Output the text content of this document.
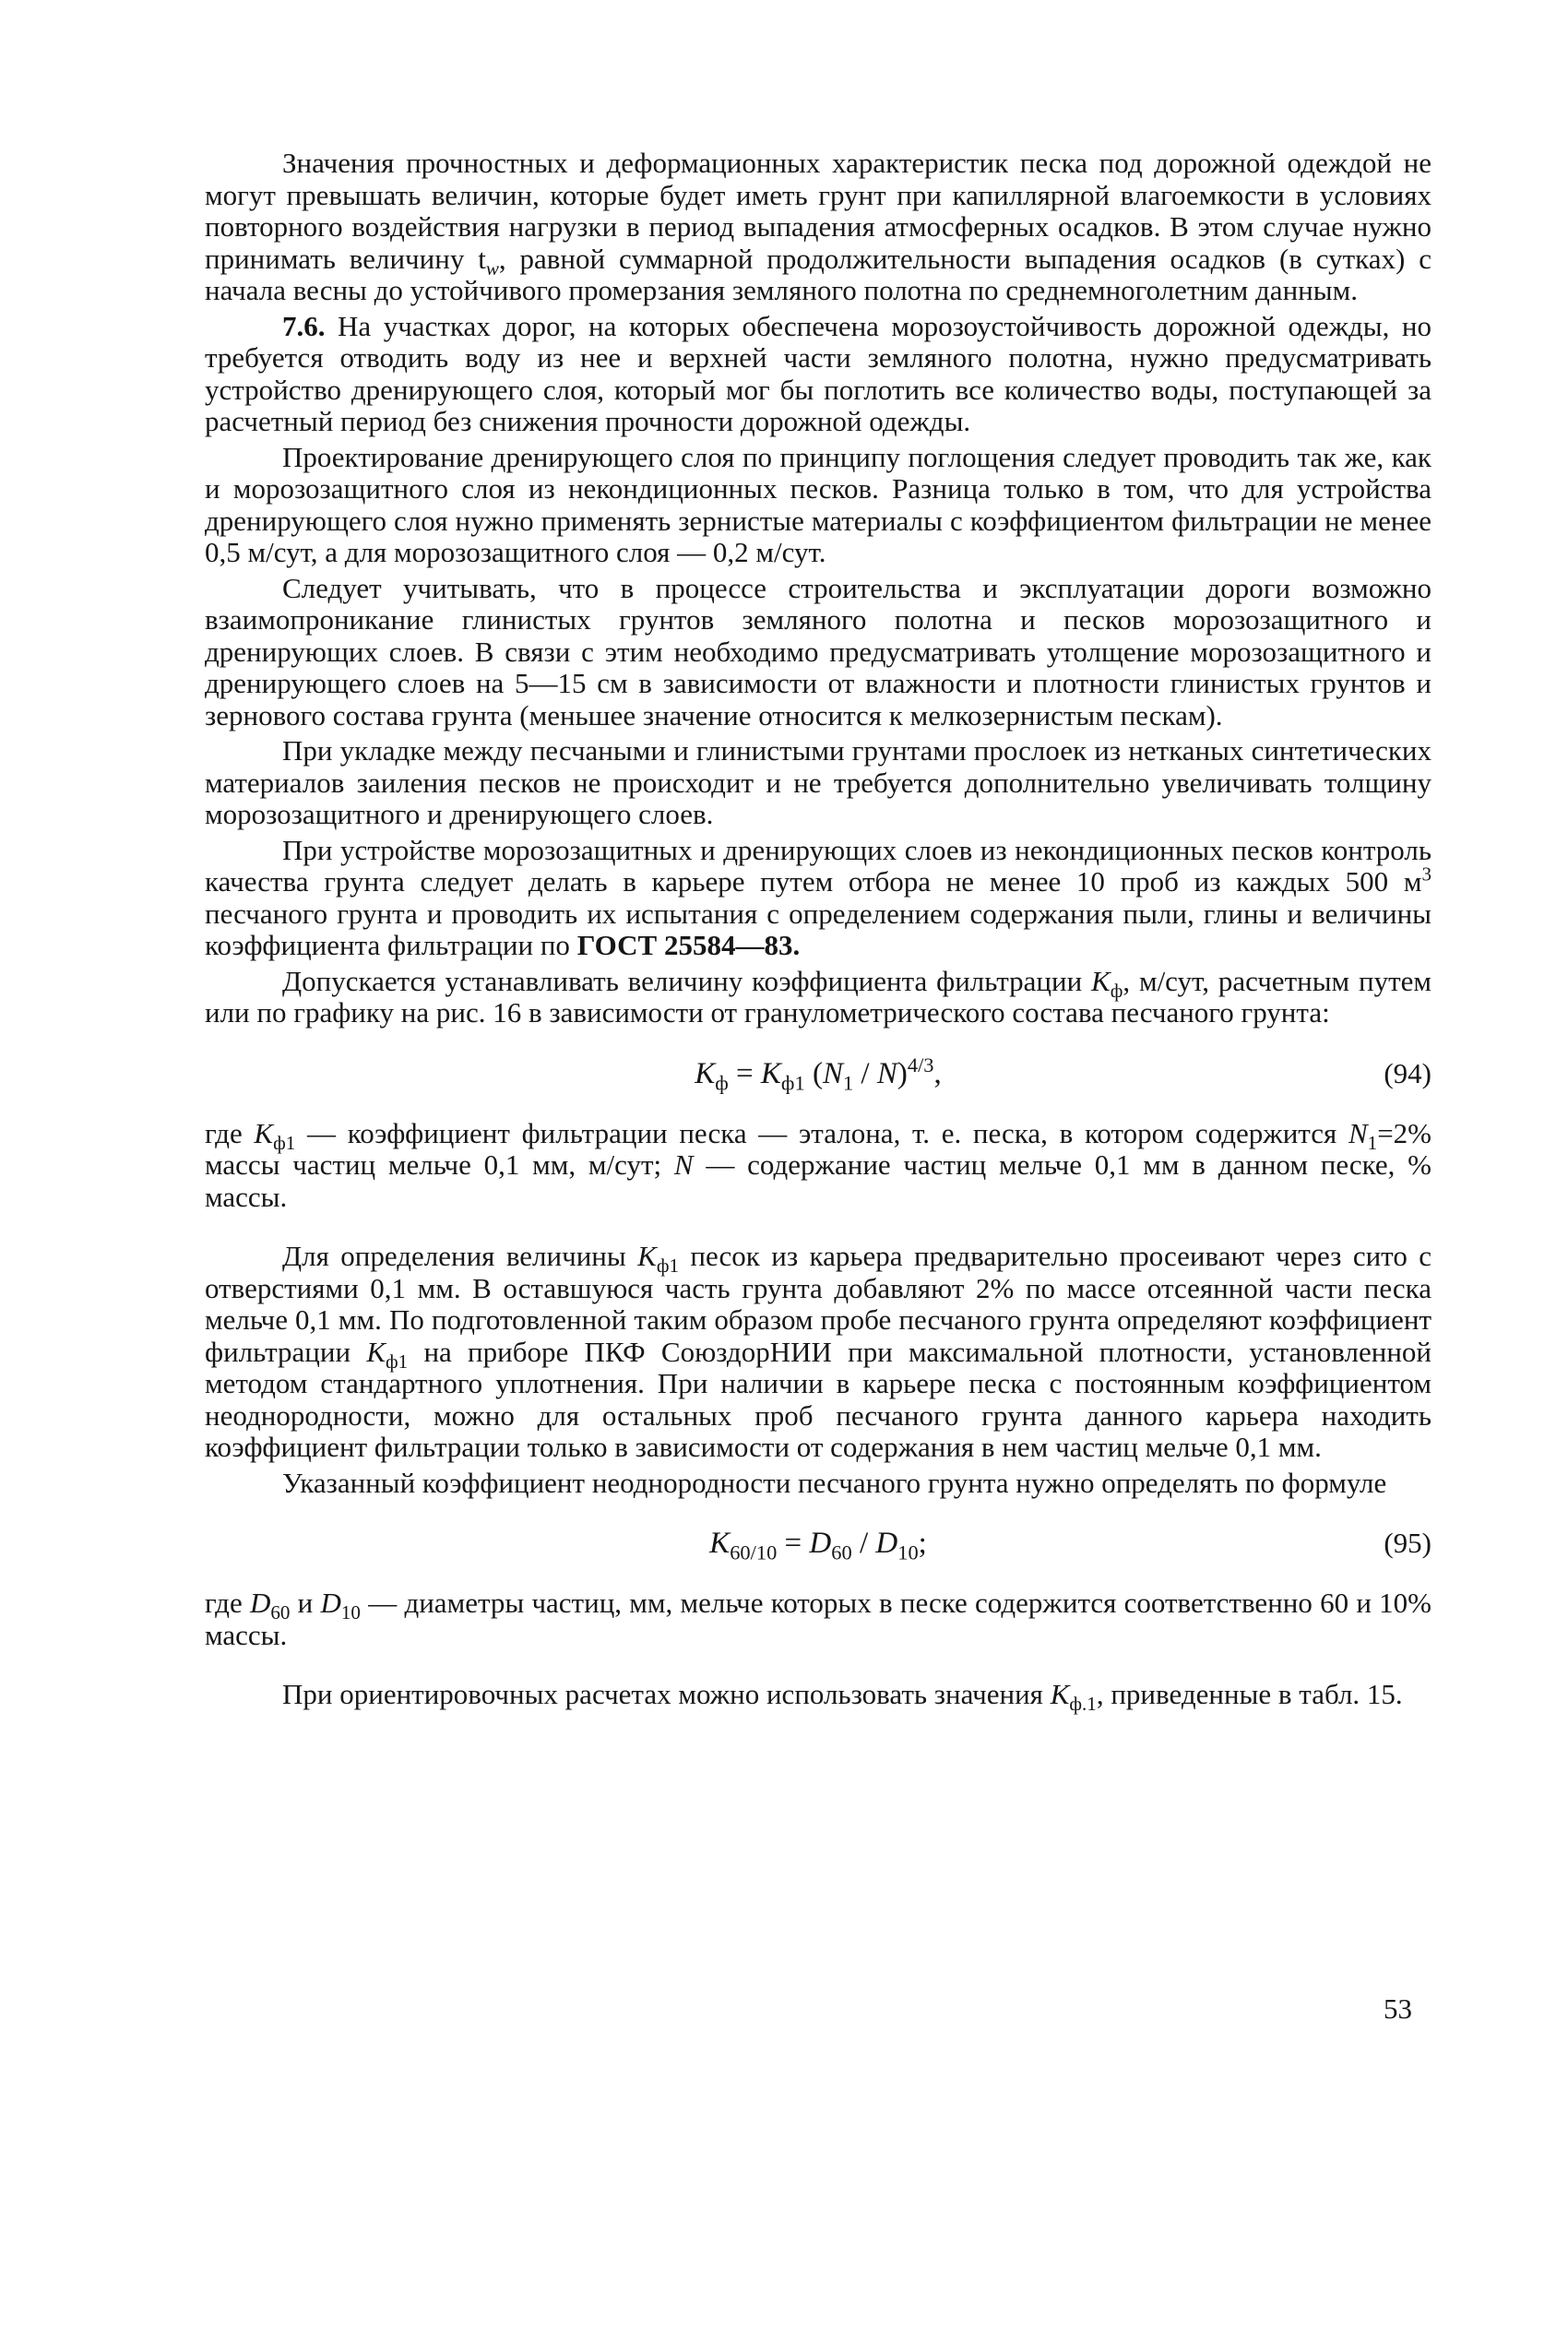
Значения прочностных и деформационных характеристик песка под дорожной одеждой не могут превышать величин, которые будет иметь грунт при капиллярной влагоемкости в условиях повторного воздействия нагрузки в период выпадения атмосферных осадков. В этом случае нужно принимать величину $t_w$, равной суммарной продолжительности выпадения осадков (в сутках) с начала весны до устойчивого промерзания земляного полотна по среднемноголетним данным.

7.6. На участках дорог, на которых обеспечена морозоустойчивость дорожной одежды, но требуется отводить воду из нее и верхней части земляного полотна, нужно предусматривать устройство дренирующего слоя, который мог бы поглотить все количество воды, поступающей за расчетный период без снижения прочности дорожной одежды.

Проектирование дренирующего слоя по принципу поглощения следует проводить так же, как и морозозащитного слоя из некондиционных песков. Разница только в том, что для устройства дренирующего слоя нужно применять зернистые материалы с коэффициентом фильтрации не менее 0,5 м/сут, а для морозозащитного слоя — 0,2 м/сут.

Следует учитывать, что в процессе строительства и эксплуатации дороги возможно взаимопроникание глинистых грунтов земляного полотна и песков морозозащитного и дренирующих слоев. В связи с этим необходимо предусматривать утолщение морозозащитного и дренирующего слоев на 5—15 см в зависимости от влажности и плотности глинистых грунтов и зернового состава грунта (меньшее значение относится к мелкозернистым пескам).

При укладке между песчаными и глинистыми грунтами прослоек из нетканых синтетических материалов заиления песков не происходит и не требуется дополнительно увеличивать толщину морозозащитного и дренирующего слоев.

При устройстве морозозащитных и дренирующих слоев из некондиционных песков контроль качества грунта следует делать в карьере путем отбора не менее 10 проб из каждых 500 $м^3$ песчаного грунта и проводить их испытания с определением содержания пыли, глины и величины коэффициента фильтрации по ГОСТ 25584—83.

Допускается устанавливать величину коэффициента фильтрации $K_ф$, м/сут, расчетным путем или по графику на рис. 16 в зависимости от гранулометрического состава песчаного грунта:

$K_ф = K_{ф1}$ $(N_1 / N)^{4/3}$,	(94)

где $K_{ф1}$ — коэффициент фильтрации песка — эталона, т. е. песка, в котором содержится $N_1=2\%$ массы частиц мельче 0,1 мм, м/сут; N — содержание частиц мельче 0,1 мм в данном песке, % массы.

Для определения величины $K_{ф1}$ песок из карьера предварительно просеивают через сито с отверстиями 0,1 мм. В оставшуюся часть грунта добавляют 2% по массе отсеянной части песка мельче 0,1 мм. По подготовленной таким образом пробе песчаного грунта определяют коэффициент фильтрации $K_{ф1}$ на приборе ПКФ СоюздорНИИ при максимальной плотности, установленной методом стандартного уплотнения. При наличии в карьере песка с постоянным коэффициентом неоднородности, можно для остальных проб песчаного грунта данного карьера находить коэффициент фильтрации только в зависимости от содержания в нем частиц мельче 0,1 мм.

Указанный коэффициент неоднородности песчаного грунта нужно определять по формуле

$K_{60/10} = D_{60} / D_{10}$;	(95)

где $D_{60}$ и $D_{10}$ — диаметры частиц, мм, мельче которых в песке содержится соответственно 60 и 10% массы.

При ориентировочных расчетах можно использовать значения $K_{ф.1}$, приведенные в табл. 15.

53
